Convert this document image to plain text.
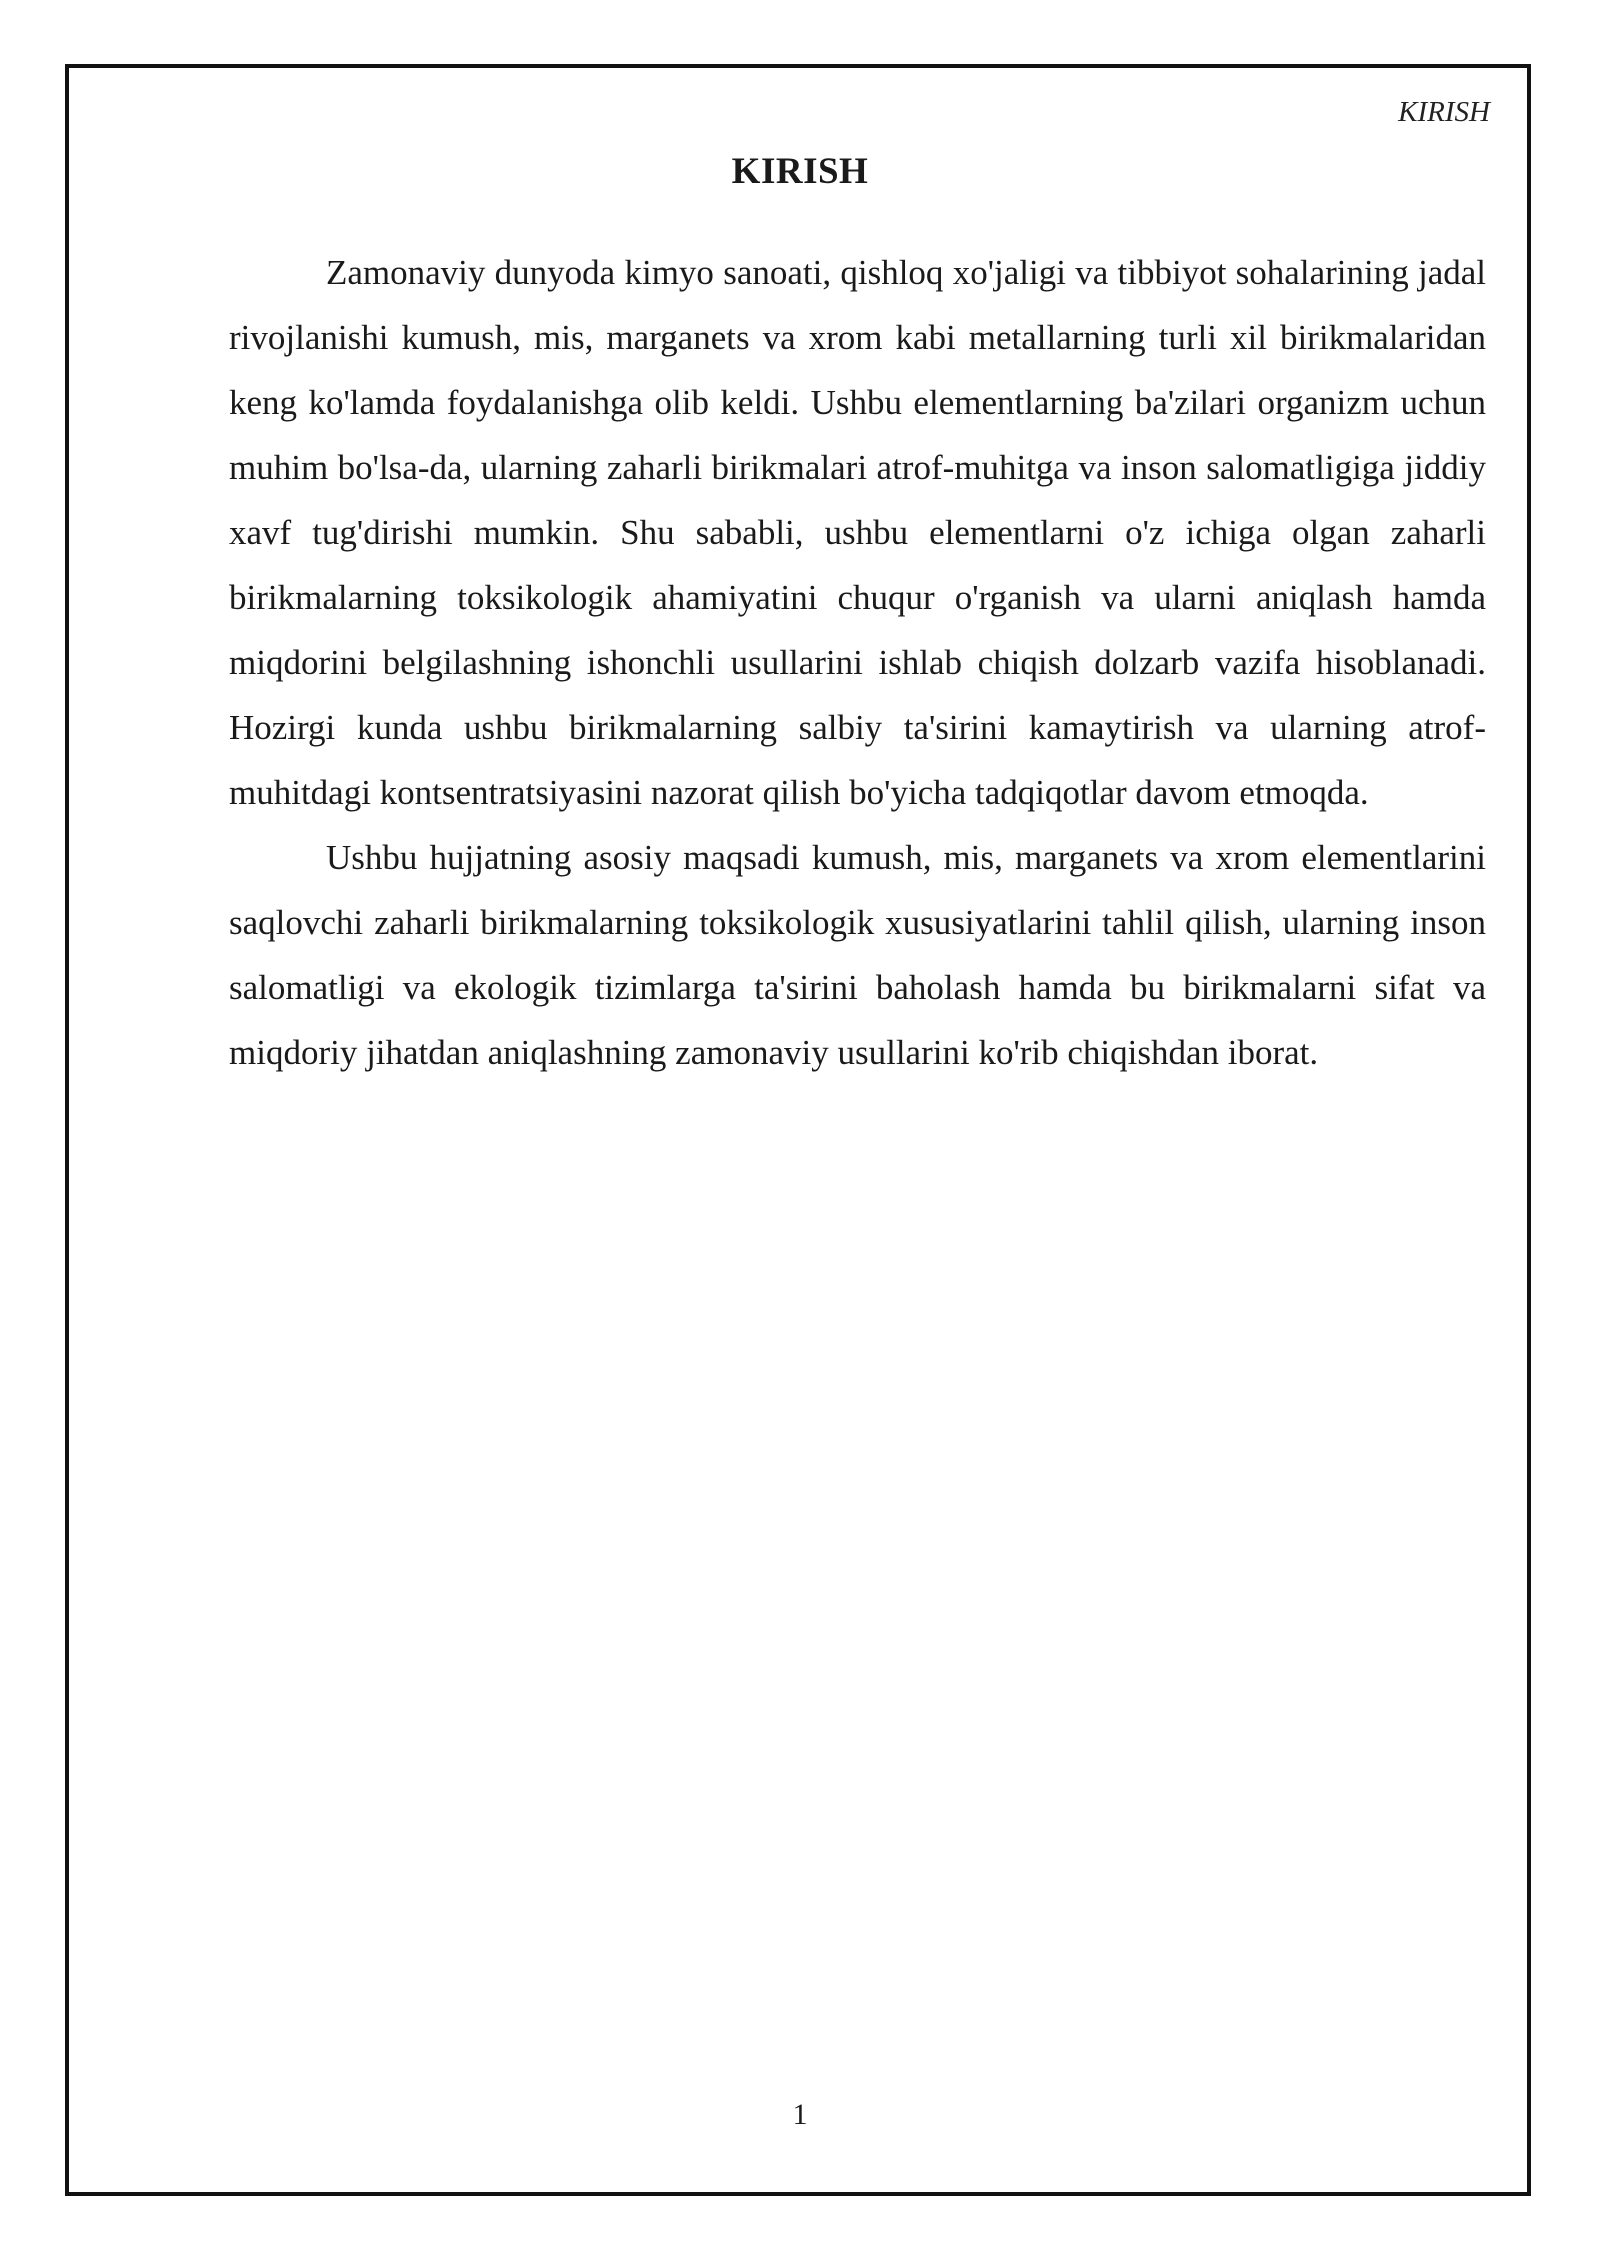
KIRISH
KIRISH

Zamonaviy dunyoda kimyo sanoati, qishloq xo'jaligi va tibbiyot sohalarining jadal rivojlanishi kumush, mis, marganets va xrom kabi metallarning turli xil birikmalaridan keng ko'lamda foydalanishga olib keldi. Ushbu elementlarning ba'zilari organizm uchun muhim bo'lsa-da, ularning zaharli birikmalari atrof-muhitga va inson salomatligiga jiddiy xavf tug'dirishi mumkin. Shu sababli, ushbu elementlarni o'z ichiga olgan zaharli birikmalarning toksikologik ahamiyatini chuqur o'rganish va ularni aniqlash hamda miqdorini belgilashning ishonchli usullarini ishlab chiqish dolzarb vazifa hisoblanadi. Hozirgi kunda ushbu birikmalarning salbiy ta'sirini kamaytirish va ularning atrof-muhitdagi kontsentratsiyasini nazorat qilish bo'yicha tadqiqotlar davom etmoqda.

Ushbu hujjatning asosiy maqsadi kumush, mis, marganets va xrom elementlarini saqlovchi zaharli birikmalarning toksikologik xususiyatlarini tahlil qilish, ularning inson salomatligi va ekologik tizimlarga ta'sirini baholash hamda bu birikmalarni sifat va miqdoriy jihatdan aniqlashning zamonaviy usullarini ko'rib chiqishdan iborat.

1
